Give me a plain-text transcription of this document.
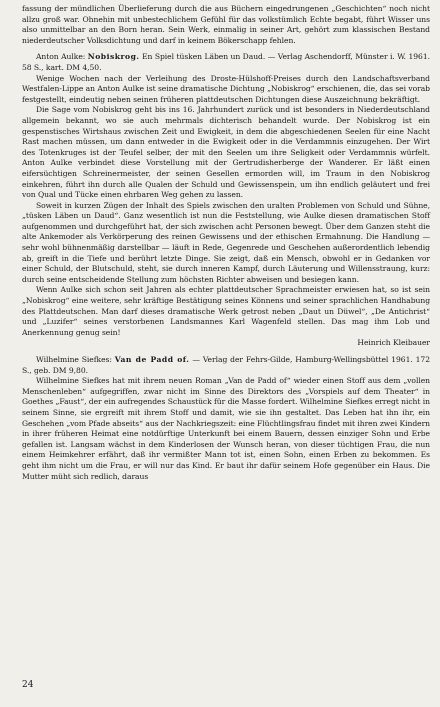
fassung der mündlichen Überlieferung durch die aus Büchern eingedrungenen „Geschichten“ noch nicht allzu groß war. Ohnehin mit unbestechlichem Gefühl für das volkstümlich Echte begabt, führt Wisser uns also unmittelbar an den Born heran. Sein Werk, einmalig in seiner Art, gehört zum klassischen Bestand niederdeutscher Volksdichtung und darf in keinem Bökerschapp fehlen.

Anton Aulke: Nobiskrog. En Spiel tüsken Läben un Daud. — Verlag Aschendorff, Münster i. W. 1961. 58 S., kart. DM 4,50.

Wenige Wochen nach der Verleihung des Droste-Hülshoff-Preises durch den Landschaftsverband Westfalen-Lippe an Anton Aulke ist seine dramatische Dichtung „Nobiskrog“ erschienen, die, das sei vorab festgestellt, eindeutig neben seinen früheren plattdeutschen Dichtungen diese Auszeichnung bekräftigt.

Die Sage vom Nobiskrog geht bis ins 16. Jahrhundert zurück und ist besonders in Niederdeutschland allgemein bekannt, wo sie auch mehrmals dichterisch behandelt wurde. Der Nobiskrog ist ein gespenstisches Wirtshaus zwischen Zeit und Ewigkeit, in dem die abgeschiedenen Seelen für eine Nacht Rast machen müssen, um dann entweder in die Ewigkeit oder in die Verdammnis einzugehen. Der Wirt des Totenkruges ist der Teufel selber, der mit den Seelen um ihre Seligkeit oder Verdammnis würfelt. Anton Aulke verbindet diese Vorstellung mit der Gertrudisherberge der Wanderer. Er läßt einen eifersüchtigen Schreinermeister, der seinen Gesellen ermorden will, im Traum in den Nobiskrog einkehren, führt ihn durch alle Qualen der Schuld und Gewissenspein, um ihn endlich geläutert und frei von Qual und Tücke einen ehrbaren Weg gehen zu lassen.

Soweit in kurzen Zügen der Inhalt des Spiels zwischen den uralten Problemen von Schuld und Sühne, „tüsken Läben un Daud“. Ganz wesentlich ist nun die Feststellung, wie Aulke diesen dramatischen Stoff aufgenommen und durchgeführt hat, der sich zwischen acht Personen bewegt. Über dem Ganzen steht die alte Ankemoder als Verkörperung des reinen Gewissens und der ethischen Ermahnung. Die Handlung — sehr wohl bühnenmäßig darstellbar — läuft in Rede, Gegenrede und Geschehen außerordentlich lebendig ab, greift in die Tiefe und berührt letzte Dinge. Sie zeigt, daß ein Mensch, obwohl er in Gedanken vor einer Schuld, der Blutschuld, steht, sie durch inneren Kampf, durch Läuterung und Willensstraung, kurz: durch seine entscheidende Stellung zum höchsten Richter abweisen und besiegen kann.

Wenn Aulke sich schon seit Jahren als echter plattdeutscher Sprachmeister erwiesen hat, so ist sein „Nobiskrog“ eine weitere, sehr kräftige Bestätigung seines Könnens und seiner sprachlichen Handhabung des Plattdeutschen. Man darf dieses dramatische Werk getrost neben „Daut un Düwel“, „De Antichrist“ und „Luzifer“ seines verstorbenen Landsmannes Karl Wagenfeld stellen. Das mag ihm Lob und Anerkennung genug sein!

Heinrich Kleibauer

Wilhelmine Siefkes: Van de Padd of. — Verlag der Fehrs-Gilde, Hamburg-Wellingsbüttel 1961. 172 S., geb. DM 9,80.

Wilhelmine Siefkes hat mit ihrem neuen Roman „Van de Padd of“ wieder einen Stoff aus dem „vollen Menschenleben“ aufgegriffen, zwar nicht im Sinne des Direktors des „Vorspiels auf dem Theater“ in Goethes „Faust“, der ein aufregendes Schaustück für die Masse fordert. Wilhelmine Siefkes erregt nicht in seinem Sinne, sie ergreift mit ihrem Stoff und damit, wie sie ihn gestaltet. Das Leben hat ihn ihr, ein Geschehen „vom Pfade abseits“ aus der Nachkriegszeit: eine Flüchtlingsfrau findet mit ihren zwei Kindern in ihrer früheren Heimat eine notdürftige Unterkunft bei einem Bauern, dessen einziger Sohn und Erbe gefallen ist. Langsam wächst in dem Kinderlosen der Wunsch heran, von dieser tüchtigen Frau, die nun einem Heimkehrer erfährt, daß ihr vermißter Mann tot ist, einen Sohn, einen Erben zu bekommen. Es geht ihm nicht um die Frau, er will nur das Kind. Er baut ihr dafür seinem Hofe gegenüber ein Haus. Die Mutter müht sich redlich, daraus

24
